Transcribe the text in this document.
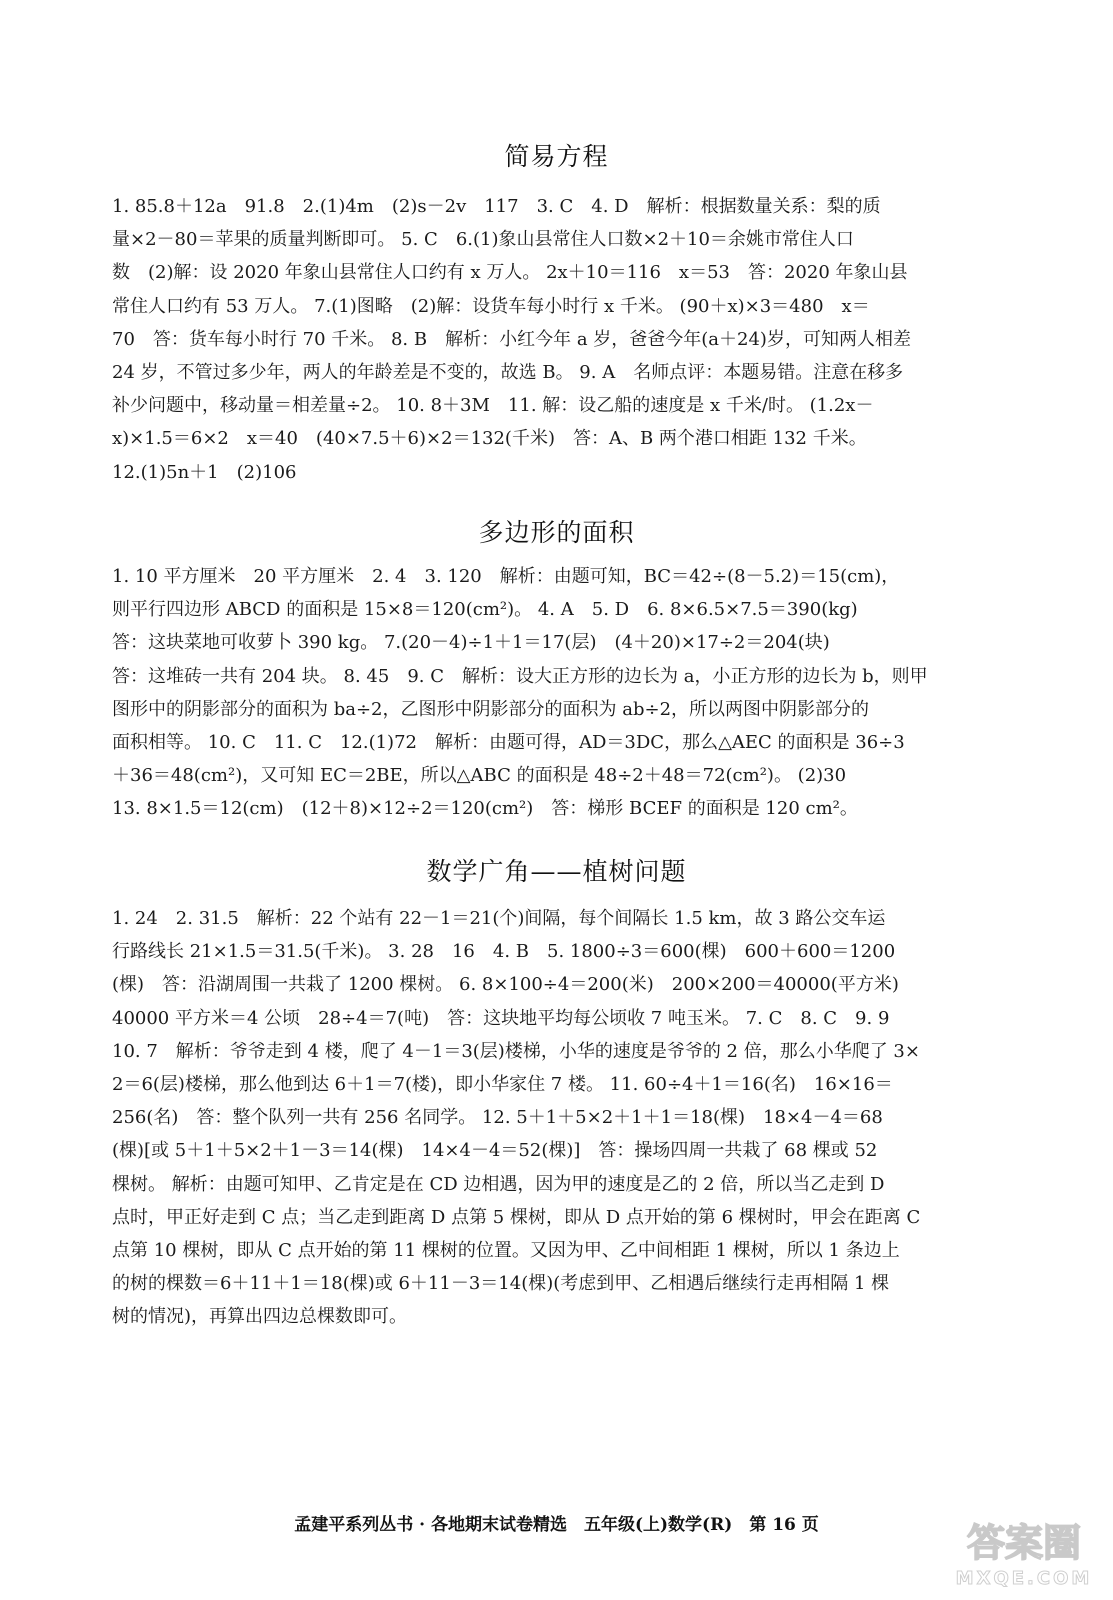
简易方程

1. 85.8＋12a　91.8　2.(1)4m　(2)s－2v　117　3. C　4. D　解析：根据数量关系：梨的质
量×2－80＝苹果的质量判断即可。 5. C　6.(1)象山县常住人口数×2＋10＝余姚市常住人口
数　(2)解：设 2020 年象山县常住人口约有 x 万人。 2x＋10＝116　x＝53　答：2020 年象山县
常住人口约有 53 万人。 7.(1)图略　(2)解：设货车每小时行 x 千米。 (90＋x)×3＝480　x＝
70　答：货车每小时行 70 千米。 8. B　解析：小红今年 a 岁，爸爸今年(a＋24)岁，可知两人相差
24 岁，不管过多少年，两人的年龄差是不变的，故选 B。 9. A　名师点评：本题易错。注意在移多
补少问题中，移动量＝相差量÷2。 10. 8＋3M　11. 解：设乙船的速度是 x 千米/时。 (1.2x－
x)×1.5＝6×2　x＝40　(40×7.5＋6)×2＝132(千米)　答：A、B 两个港口相距 132 千米。
12.(1)5n＋1　(2)106

多边形的面积

1. 10 平方厘米　20 平方厘米　2. 4　3. 120　解析：由题可知，BC＝42÷(8－5.2)＝15(cm)，
则平行四边形 ABCD 的面积是 15×8＝120(cm²)。 4. A　5. D　6. 8×6.5×7.5＝390(kg)
答：这块菜地可收萝卜 390 kg。 7.(20－4)÷1＋1＝17(层)　(4＋20)×17÷2＝204(块)
答：这堆砖一共有 204 块。 8. 45　9. C　解析：设大正方形的边长为 a，小正方形的边长为 b，则甲
图形中的阴影部分的面积为 ba÷2，乙图形中阴影部分的面积为 ab÷2，所以两图中阴影部分的
面积相等。 10. C　11. C　12.(1)72　解析：由题可得，AD＝3DC，那么△AEC 的面积是 36÷3
＋36＝48(cm²)，又可知 EC＝2BE，所以△ABC 的面积是 48÷2＋48＝72(cm²)。 (2)30
13. 8×1.5＝12(cm)　(12＋8)×12÷2＝120(cm²)　答：梯形 BCEF 的面积是 120 cm²。

数学广角——植树问题

1. 24　2. 31.5　解析：22 个站有 22－1＝21(个)间隔，每个间隔长 1.5 km，故 3 路公交车运
行路线长 21×1.5＝31.5(千米)。 3. 28　16　4. B　5. 1800÷3＝600(棵)　600＋600＝1200
(棵)　答：沿湖周围一共栽了 1200 棵树。 6. 8×100÷4＝200(米)　200×200＝40000(平方米)
40000 平方米＝4 公顷　28÷4＝7(吨)　答：这块地平均每公顷收 7 吨玉米。 7. C　8. C　9. 9
10. 7　解析：爷爷走到 4 楼，爬了 4－1＝3(层)楼梯，小华的速度是爷爷的 2 倍，那么小华爬了 3×
2＝6(层)楼梯，那么他到达 6＋1＝7(楼)，即小华家住 7 楼。 11. 60÷4＋1＝16(名)　16×16＝
256(名)　答：整个队列一共有 256 名同学。 12. 5＋1＋5×2＋1＋1＝18(棵)　18×4－4＝68
(棵)[或 5＋1＋5×2＋1－3＝14(棵)　14×4－4＝52(棵)]　答：操场四周一共栽了 68 棵或 52
棵树。 解析：由题可知甲、乙肯定是在 CD 边相遇，因为甲的速度是乙的 2 倍，所以当乙走到 D
点时，甲正好走到 C 点；当乙走到距离 D 点第 5 棵树，即从 D 点开始的第 6 棵树时，甲会在距离 C
点第 10 棵树，即从 C 点开始的第 11 棵树的位置。又因为甲、乙中间相距 1 棵树，所以 1 条边上
的树的棵数＝6＋11＋1＝18(棵)或 6＋11－3＝14(棵)(考虑到甲、乙相遇后继续行走再相隔 1 棵
树的情况)，再算出四边总棵数即可。

孟建平系列丛书 · 各地期末试卷精选　五年级(上)数学(R)　第 16 页	答案圈
MXQE.COM
